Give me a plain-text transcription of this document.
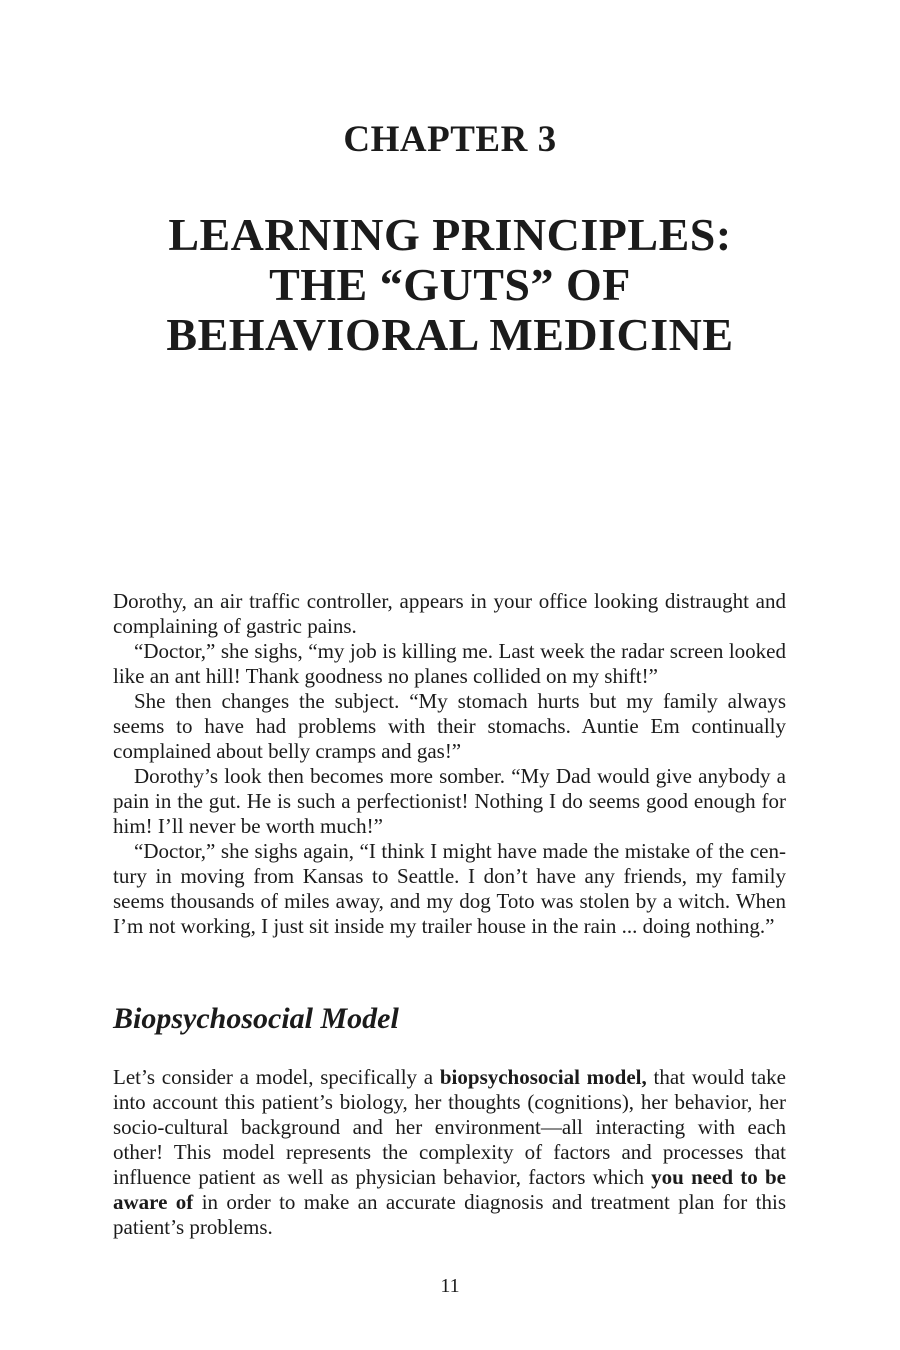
CHAPTER 3
LEARNING PRINCIPLES:
THE “GUTS” OF
BEHAVIORAL MEDICINE

Dorothy, an air traffic controller, appears in your office looking distraught and complaining of gastric pains.

“Doctor,” she sighs, “my job is killing me. Last week the radar screen looked like an ant hill! Thank goodness no planes collided on my shift!”

She then changes the subject. “My stomach hurts but my family always seems to have had problems with their stomachs. Auntie Em continually complained about belly cramps and gas!”

Dorothy’s look then becomes more somber. “My Dad would give anybody a pain in the gut. He is such a perfectionist! Nothing I do seems good enough for him! I’ll never be worth much!”

“Doctor,” she sighs again, “I think I might have made the mistake of the century in moving from Kansas to Seattle. I don’t have any friends, my family seems thousands of miles away, and my dog Toto was stolen by a witch. When I’m not working, I just sit inside my trailer house in the rain ... doing nothing.”

Biopsychosocial Model

Let’s consider a model, specifically a biopsychosocial model, that would take into account this patient’s biology, her thoughts (cognitions), her behavior, her socio-cultural background and her environment—all interacting with each other! This model represents the complexity of factors and processes that influence patient as well as physician behavior, factors which you need to be aware of in order to make an accurate diagnosis and treatment plan for this patient’s problems.

11
